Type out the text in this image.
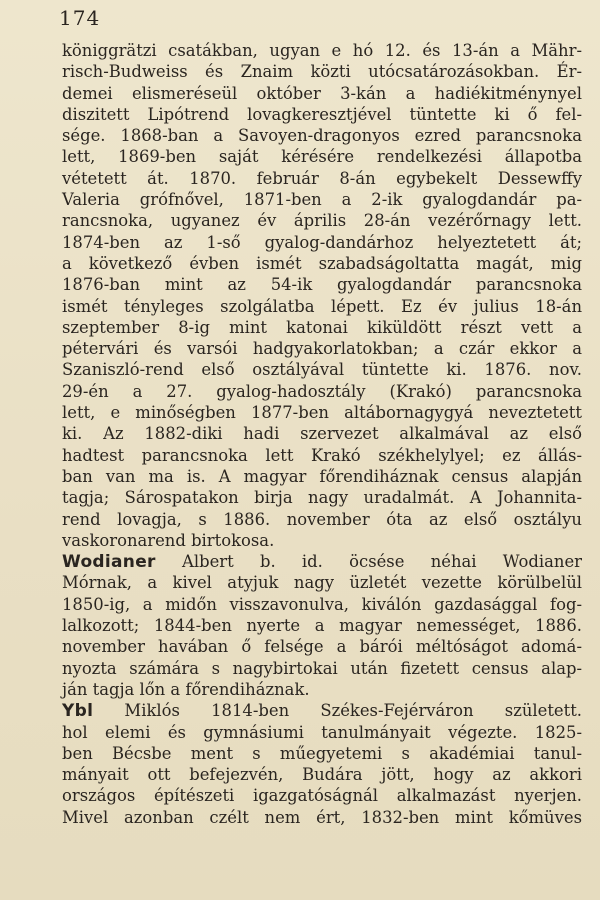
174
königgrätzi csatákban, ugyan e hó 12. és 13-án a Mähr-
risch-Budweiss és Znaim közti utócsatározásokban. Ér-
demei elismeréseül október 3-kán a hadiékitménynyel
diszitett Lipótrend lovagkeresztjével tüntette ki ő fel-
sége. 1868-ban a Savoyen-dragonyos ezred parancsnoka
lett, 1869-ben saját kérésére rendelkezési állapotba
vétetett át. 1870. február 8-án egybekelt Dessewffy
Valeria grófnővel, 1871-ben a 2-ik gyalogdandár pa-
rancsnoka, ugyanez év április 28-án vezérőrnagy lett.
1874-ben az 1-ső gyalog-dandárhoz helyeztetett át;
a következő évben ismét szabadságoltatta magát, mig
1876-ban mint az 54-ik gyalogdandár parancsnoka
ismét tényleges szolgálatba lépett. Ez év julius 18-án
szeptember 8-ig mint katonai kiküldött részt vett a
pétervári és varsói hadgyakorlatokban; a czár ekkor a
Szaniszló-rend első osztályával tüntette ki. 1876. nov.
29-én a 27. gyalog-hadosztály (Krakó) parancsnoka
lett, e minőségben 1877-ben altábornagygyá neveztetett
ki. Az 1882-diki hadi szervezet alkalmával az első
hadtest parancsnoka lett Krakó székhelylyel; ez állás-
ban van ma is. A magyar főrendiháznak census alapján
tagja; Sárospatakon birja nagy uradalmát. A Johannita-
rend lovagja, s 1886. november óta az első osztályu
vaskoronarend birtokosa.
Wodianer Albert b. id. öcsése néhai Wodianer
Mórnak, a kivel atyjuk nagy üzletét vezette körülbelül
1850-ig, a midőn visszavonulva, kiválón gazdasággal fog-
lalkozott; 1844-ben nyerte a magyar nemességet, 1886.
november havában ő felsége a bárói méltóságot adomá-
nyozta számára s nagybirtokai után fizetett census alap-
ján tagja lőn a főrendiháznak.
Ybl Miklós 1814-ben Székes-Fejérváron született.
hol elemi és gymnásiumi tanulmányait végezte. 1825-
ben Bécsbe ment s műegyetemi s akadémiai tanul-
mányait ott befejezvén, Budára jött, hogy az akkori
országos építészeti igazgatóságnál alkalmazást nyerjen.
Mivel azonban czélt nem ért, 1832-ben mint kőmüves
